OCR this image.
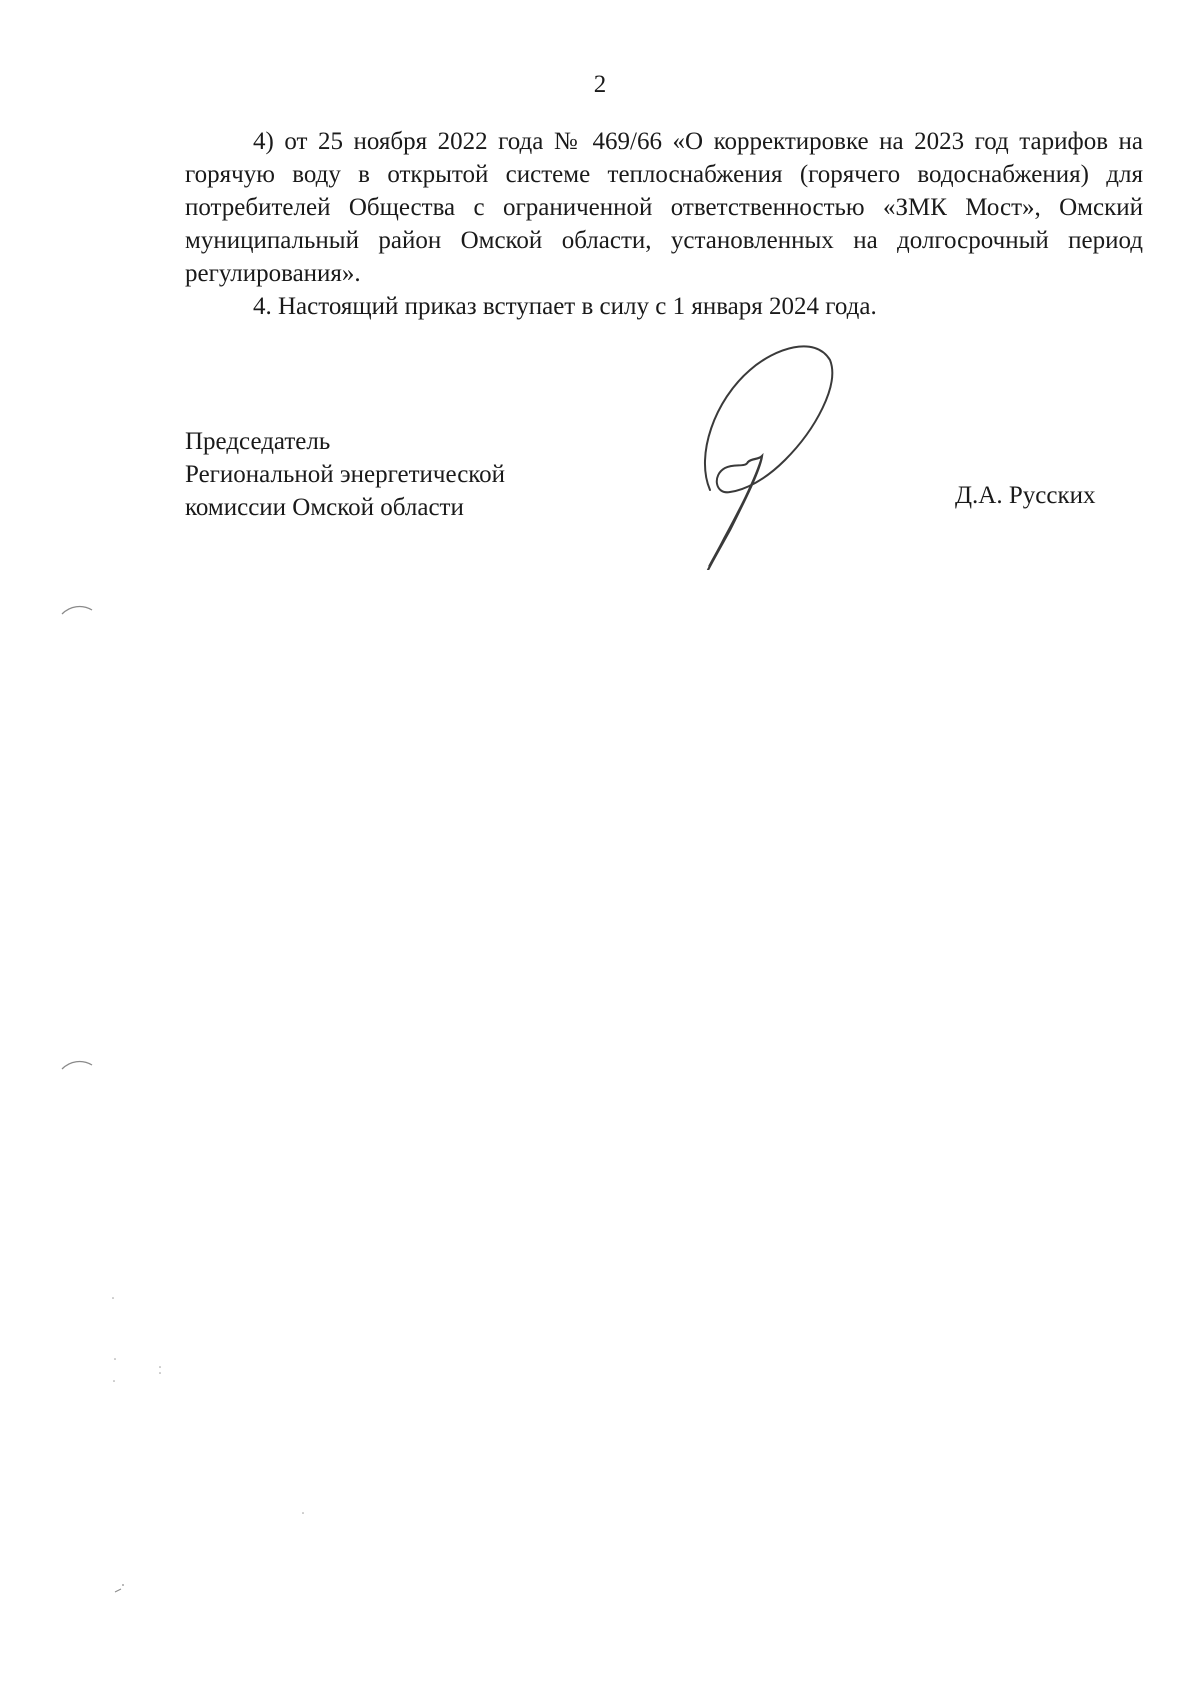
2

4) от 25 ноября 2022 года № 469/66 «О корректировке на 2023 год тарифов на горячую воду в открытой системе теплоснабжения (горячего водоснабжения) для потребителей Общества с ограниченной ответственностью «ЗМК Мост», Омский муниципальный район Омской области, установленных на долгосрочный период регулирования».

4. Настоящий приказ вступает в силу с 1 января 2024 года.

Председатель
Региональной энергетической
комиссии Омской области	Д.А. Русских
